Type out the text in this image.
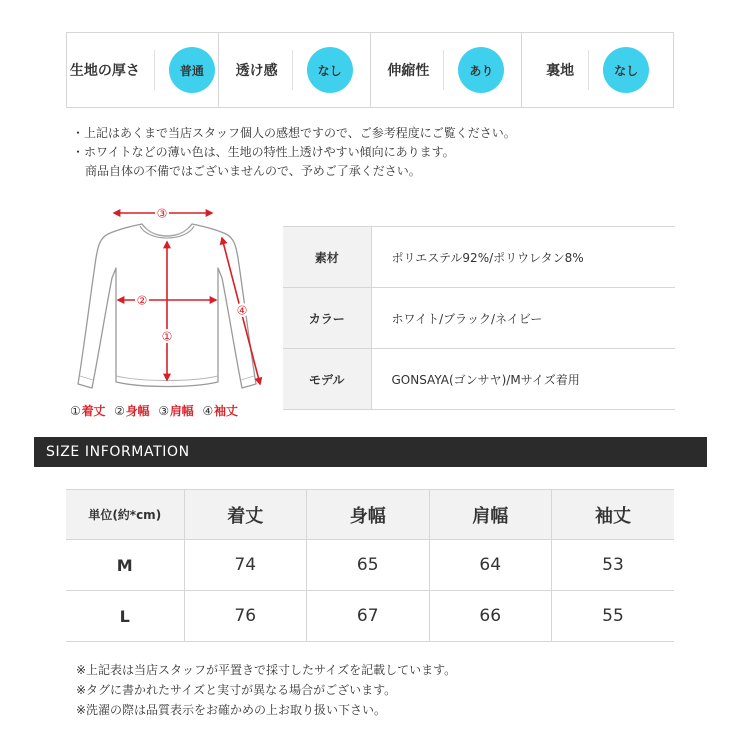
生地の厚さ	普通	透け感	なし	伸縮性	あり	裏地	なし

・上記はあくまで当店スタッフ個人の感想ですので、ご参考程度にご覧ください。

・ホワイトなどの薄い色は、生地の特性上透けやすい傾向にあります。

商品自体の不備ではございませんので、予めご了承ください。

③
②
①
④
①着丈 ②身幅 ③肩幅 ④袖丈
素材	ポリエステル92%/ポリウレタン8%
カラー	ホワイト/ブラック/ネイビー
モデル	GONSAYA(ゴンサヤ)/Mサイズ着用
SIZE INFORMATION
単位(約*cm)	着丈	身幅	肩幅	袖丈
M	74	65	64	53
L	76	67	66	55

※上記表は当店スタッフが平置きで採寸したサイズを記載しています。

※タグに書かれたサイズと実寸が異なる場合がございます。

※洗濯の際は品質表示をお確かめの上お取り扱い下さい。
